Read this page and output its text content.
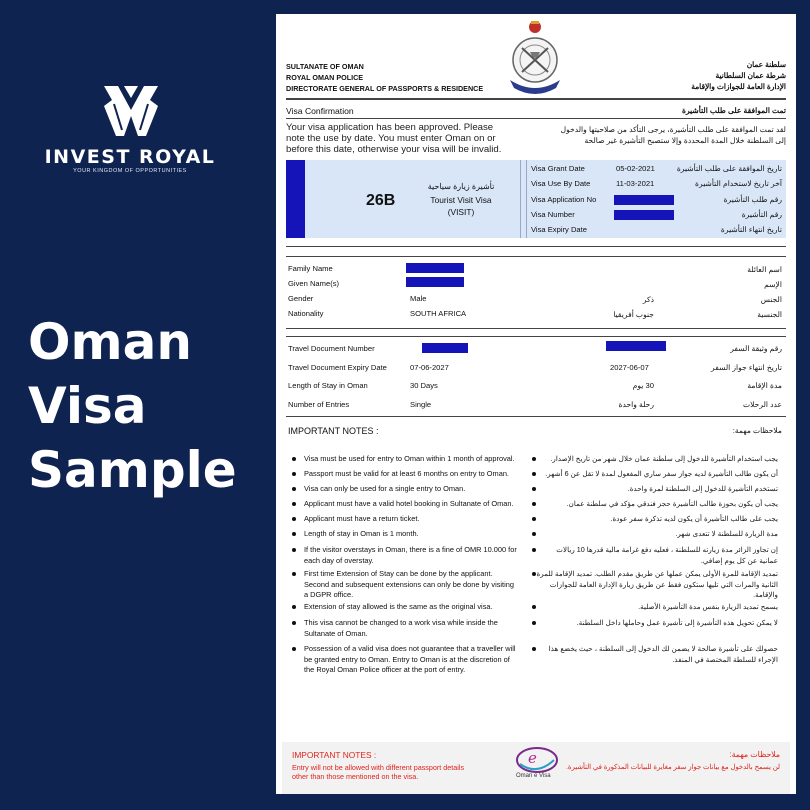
INVEST ROYAL
YOUR KINGDOM OF OPPORTUNITIES
Oman
Visa
Sample
SULTANATE OF OMAN
ROYAL OMAN POLICE
DIRECTORATE GENERAL OF PASSPORTS & RESIDENCE
سلطنة عمان
شرطة عمان السلطانية
الإدارة العامة للجوازات والإقامة
Visa Confirmation	تمت الموافقة على طلب التأشيرة
Your visa application has been approved. Please
note the use by date. You must enter Oman on or
before this date, otherwise your visa will be invalid.
لقد تمت الموافقة على طلب التأشيرة، يرجى التأكد من صلاحيتها والدخول
إلى السلطنة خلال المدة المحددة وإلا ستصبح التأشيرة غير صالحة
26B
تأشيرة زيارة سياحية
Tourist Visit Visa
(VISIT)
Visa Grant Date	05-02-2021	تاريخ الموافقة على طلب التأشيرة
Visa Use By Date	11-03-2021	آخر تاريخ لاستخدام التأشيرة
Visa Application No	رقم طلب التأشيرة
Visa Number	رقم التأشيرة
Visa Expiry Date	تاريخ انتهاء التأشيرة
Family Name	اسم العائلة
Given Name(s)	الإسم
Gender	Male	ذكر	الجنس
Nationality	SOUTH AFRICA	جنوب أفريقيا	الجنسية
Travel Document Number	رقم وثيقة السفر
Travel Document Expiry Date	07-06-2027	2027-06-07	تاريخ انتهاء جواز السفر
Length of Stay in Oman	30 Days	30 يوم	مدة الإقامة
Number of Entries	Single	رحلة واحدة	عدد الرحلات
IMPORTANT NOTES :	ملاحظات مهمة:
Visa must be used for entry to Oman within 1 month of approval.
Passport must be valid for at least 6 months on entry to Oman.
Visa can only be used for a single entry to Oman.
Applicant must have a valid hotel booking in Sultanate of Oman.
Applicant must have a return ticket.
Length of stay in Oman is 1 month.
If the visitor overstays in Oman, there is a fine of OMR 10.000 for
each day of overstay.
First time Extension of Stay can be done by the applicant.
Second and subsequent extensions can only be done by visiting
a DGPR office.
Extension of stay allowed is the same as the original visa.
This visa cannot be changed to a work visa while inside the
Sultanate of Oman.
Possession of a valid visa does not guarantee that a traveller will
be granted entry to Oman. Entry to Oman is at the discretion of
the Royal Oman Police officer at the port of entry.
يجب استخدام التأشيرة للدخول إلى سلطنة عمان خلال شهر من تاريخ الإصدار.
أن يكون طالب التأشيرة لديه جواز سفر ساري المفعول لمدة لا تقل عن 6 أشهر.
تستخدم التأشيرة للدخول إلى السلطنة لمرة واحدة.
يجب أن يكون بحوزة طالب التأشيرة حجز فندقي مؤكد في سلطنة عمان.
يجب على طالب التأشيرة أن يكون لديه تذكرة سفر عودة.
مدة الزيارة للسلطنة لا تتعدى شهر.
إن تجاوز الزائر مدة زيارته للسلطنة ، فعليه دفع غرامة مالية قدرها 10 ريالات
عمانية عن كل يوم إضافي.
تمديد الإقامة للمرة الأولى يمكن عملها عن طريق مقدم الطلب. تمديد الإقامة للمرة
الثانية والمرات التي تليها ستكون فقط عن طريق زيارة الإدارة العامة للجوازات
والإقامة.
يسمح تمديد الزيارة بنفس مدة التأشيرة الأصلية.
لا يمكن تحويل هذه التأشيرة إلى تأشيرة عمل وحاملها داخل السلطنة.
حصولك على تأشيرة صالحة لا يضمن لك الدخول إلى السلطنة ، حيث يخضع هذا
الإجراء للسلطة المختصة في المنفذ.
IMPORTANT NOTES :
Entry will not be allowed with different passport details
other than those mentioned on the visa.
e
Oman e Visa
ملاحظات مهمة:
لن يسمح بالدخول مع بيانات جواز سفر مغايرة للبيانات المذكورة في التأشيرة.
